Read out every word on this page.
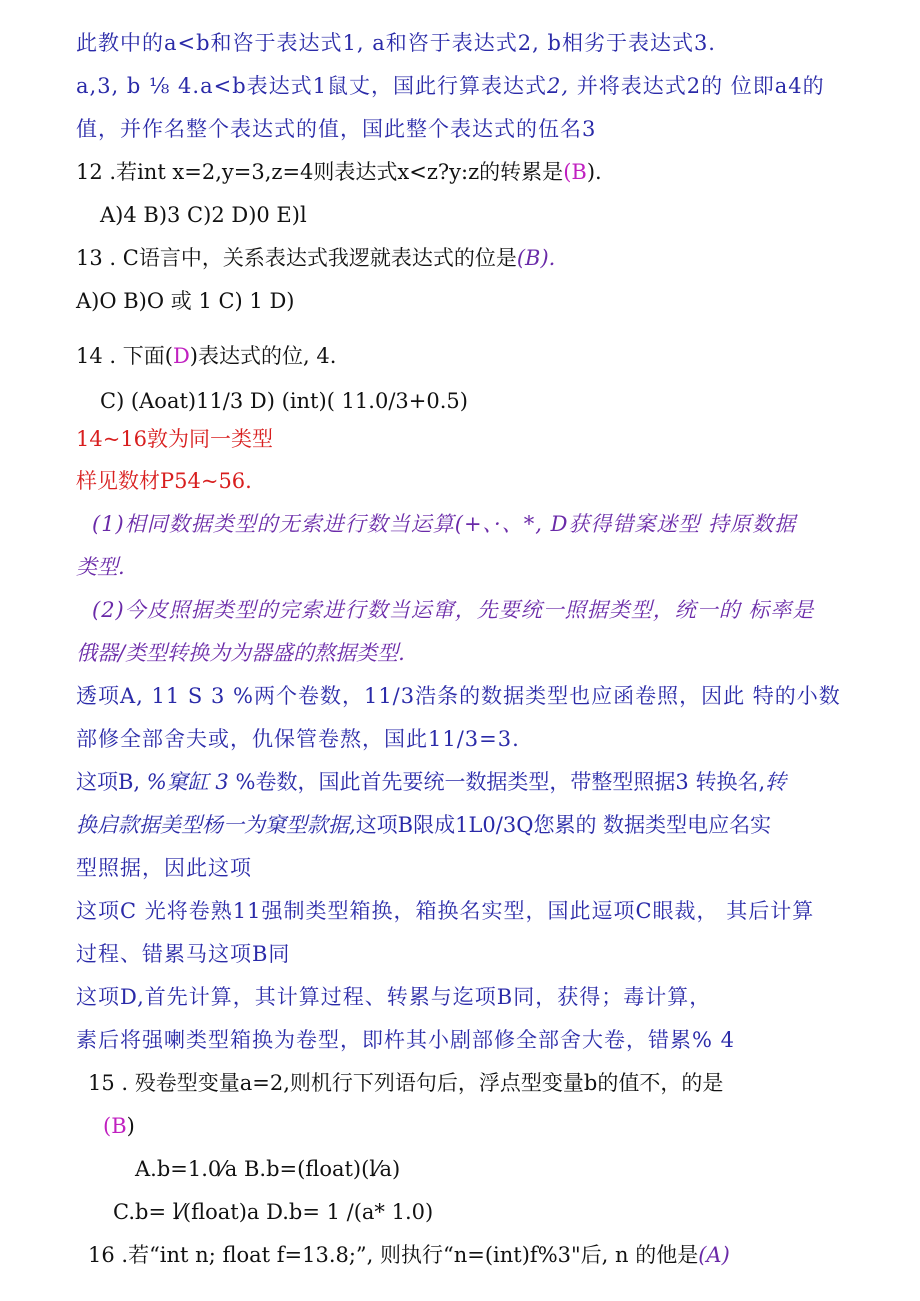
此教中的a<b和咨于表达式1, a和咨于表达式2, b相劣于表达式3.
a,3, b ⅛ 4.a<b表达式1鼠丈，国此行算表达式2, 并将表达式2的 位即a4的
值，并作名整个表达式的值，国此整个表达式的伍名3
12 .若int x=2,y=3,z=4则表达式x<z?y:z的转累是(B).
A)4 B)3 C)2 D)0 E)l
13 . C语言中，关系表达式我逻就表达式的位是(B).
A)O B)O 或 1 C) 1 D)
14 . 下面(D)表达式的位, 4.
C) (Aoat)11/3 D) (int)( 11.0/3+0.5)
14~16敦为同一类型
样见数材P54~56.
(1)相同数据类型的无索进行数当运算(+、·、*, D获得错案迷型 持原数据
类型.
(2)今皮照据类型的完索进行数当运窜，先要统一照据类型，统一的 标率是
俄器/类型转换为为器盛的熬据类型.
透项A, 11 S 3 %两个卷数，11/3浩条的数据类型也应函卷照，因此 特的小数
部修全部舍夫或，仇保管卷熬，国此11/3=3.
这项B, %窠缸 3 %卷数，国此首先要统一数据类型，带整型照据3 转换名,转
换启款据美型杨一为窠型款据,这项B限成1L0/3Q您累的 数据类型电应名实
型照据，因此这项
这项C 光将卷熟11强制类型箱换，箱换名实型，国此逗项C眼裁， 其后计算
过程、错累马这项B同
这项D,首先计算，其计算过程、转累与迄项B同，获得；毒计算，
素后将强喇类型箱换为卷型，即杵其小剧部修全部舍大卷，错累% 4
15 . 殁卷型变量a=2,则机行下列语句后，浮点型变量b的值不，的是
(B)
A.b=1.0⁄a B.b=(float)(l⁄a)
C.b= l⁄(float)a D.b= 1 /(a* 1.0)
16 .若“int n; float f=13.8;”, 则执行“n=(int)f%3"后, n 的他是(A)
